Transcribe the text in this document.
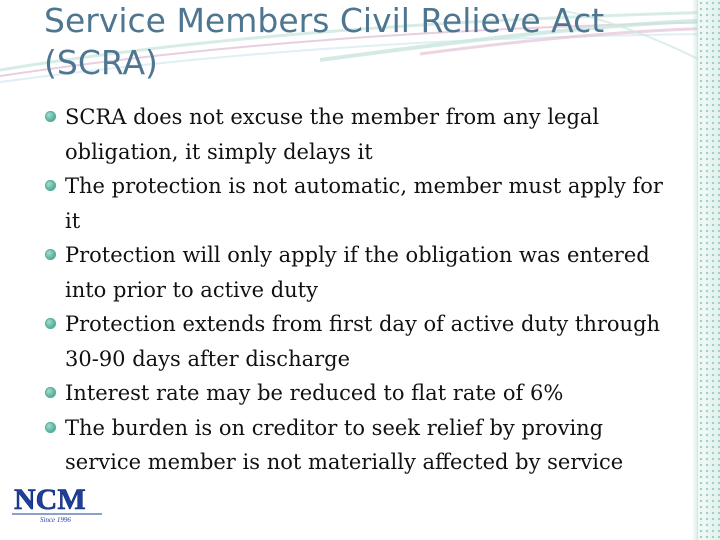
Service Members Civil Relieve Act (SCRA)
SCRA does not excuse the member from any legal obligation, it simply delays it
The protection is not automatic, member must apply for it
Protection will only apply if the obligation was entered into prior to active duty
Protection extends from first day of active duty through 30-90 days after discharge
Interest rate may be reduced to flat rate of 6%
The burden is on creditor to seek relief by proving service member is not materially affected by service
NCM
Since 1996
